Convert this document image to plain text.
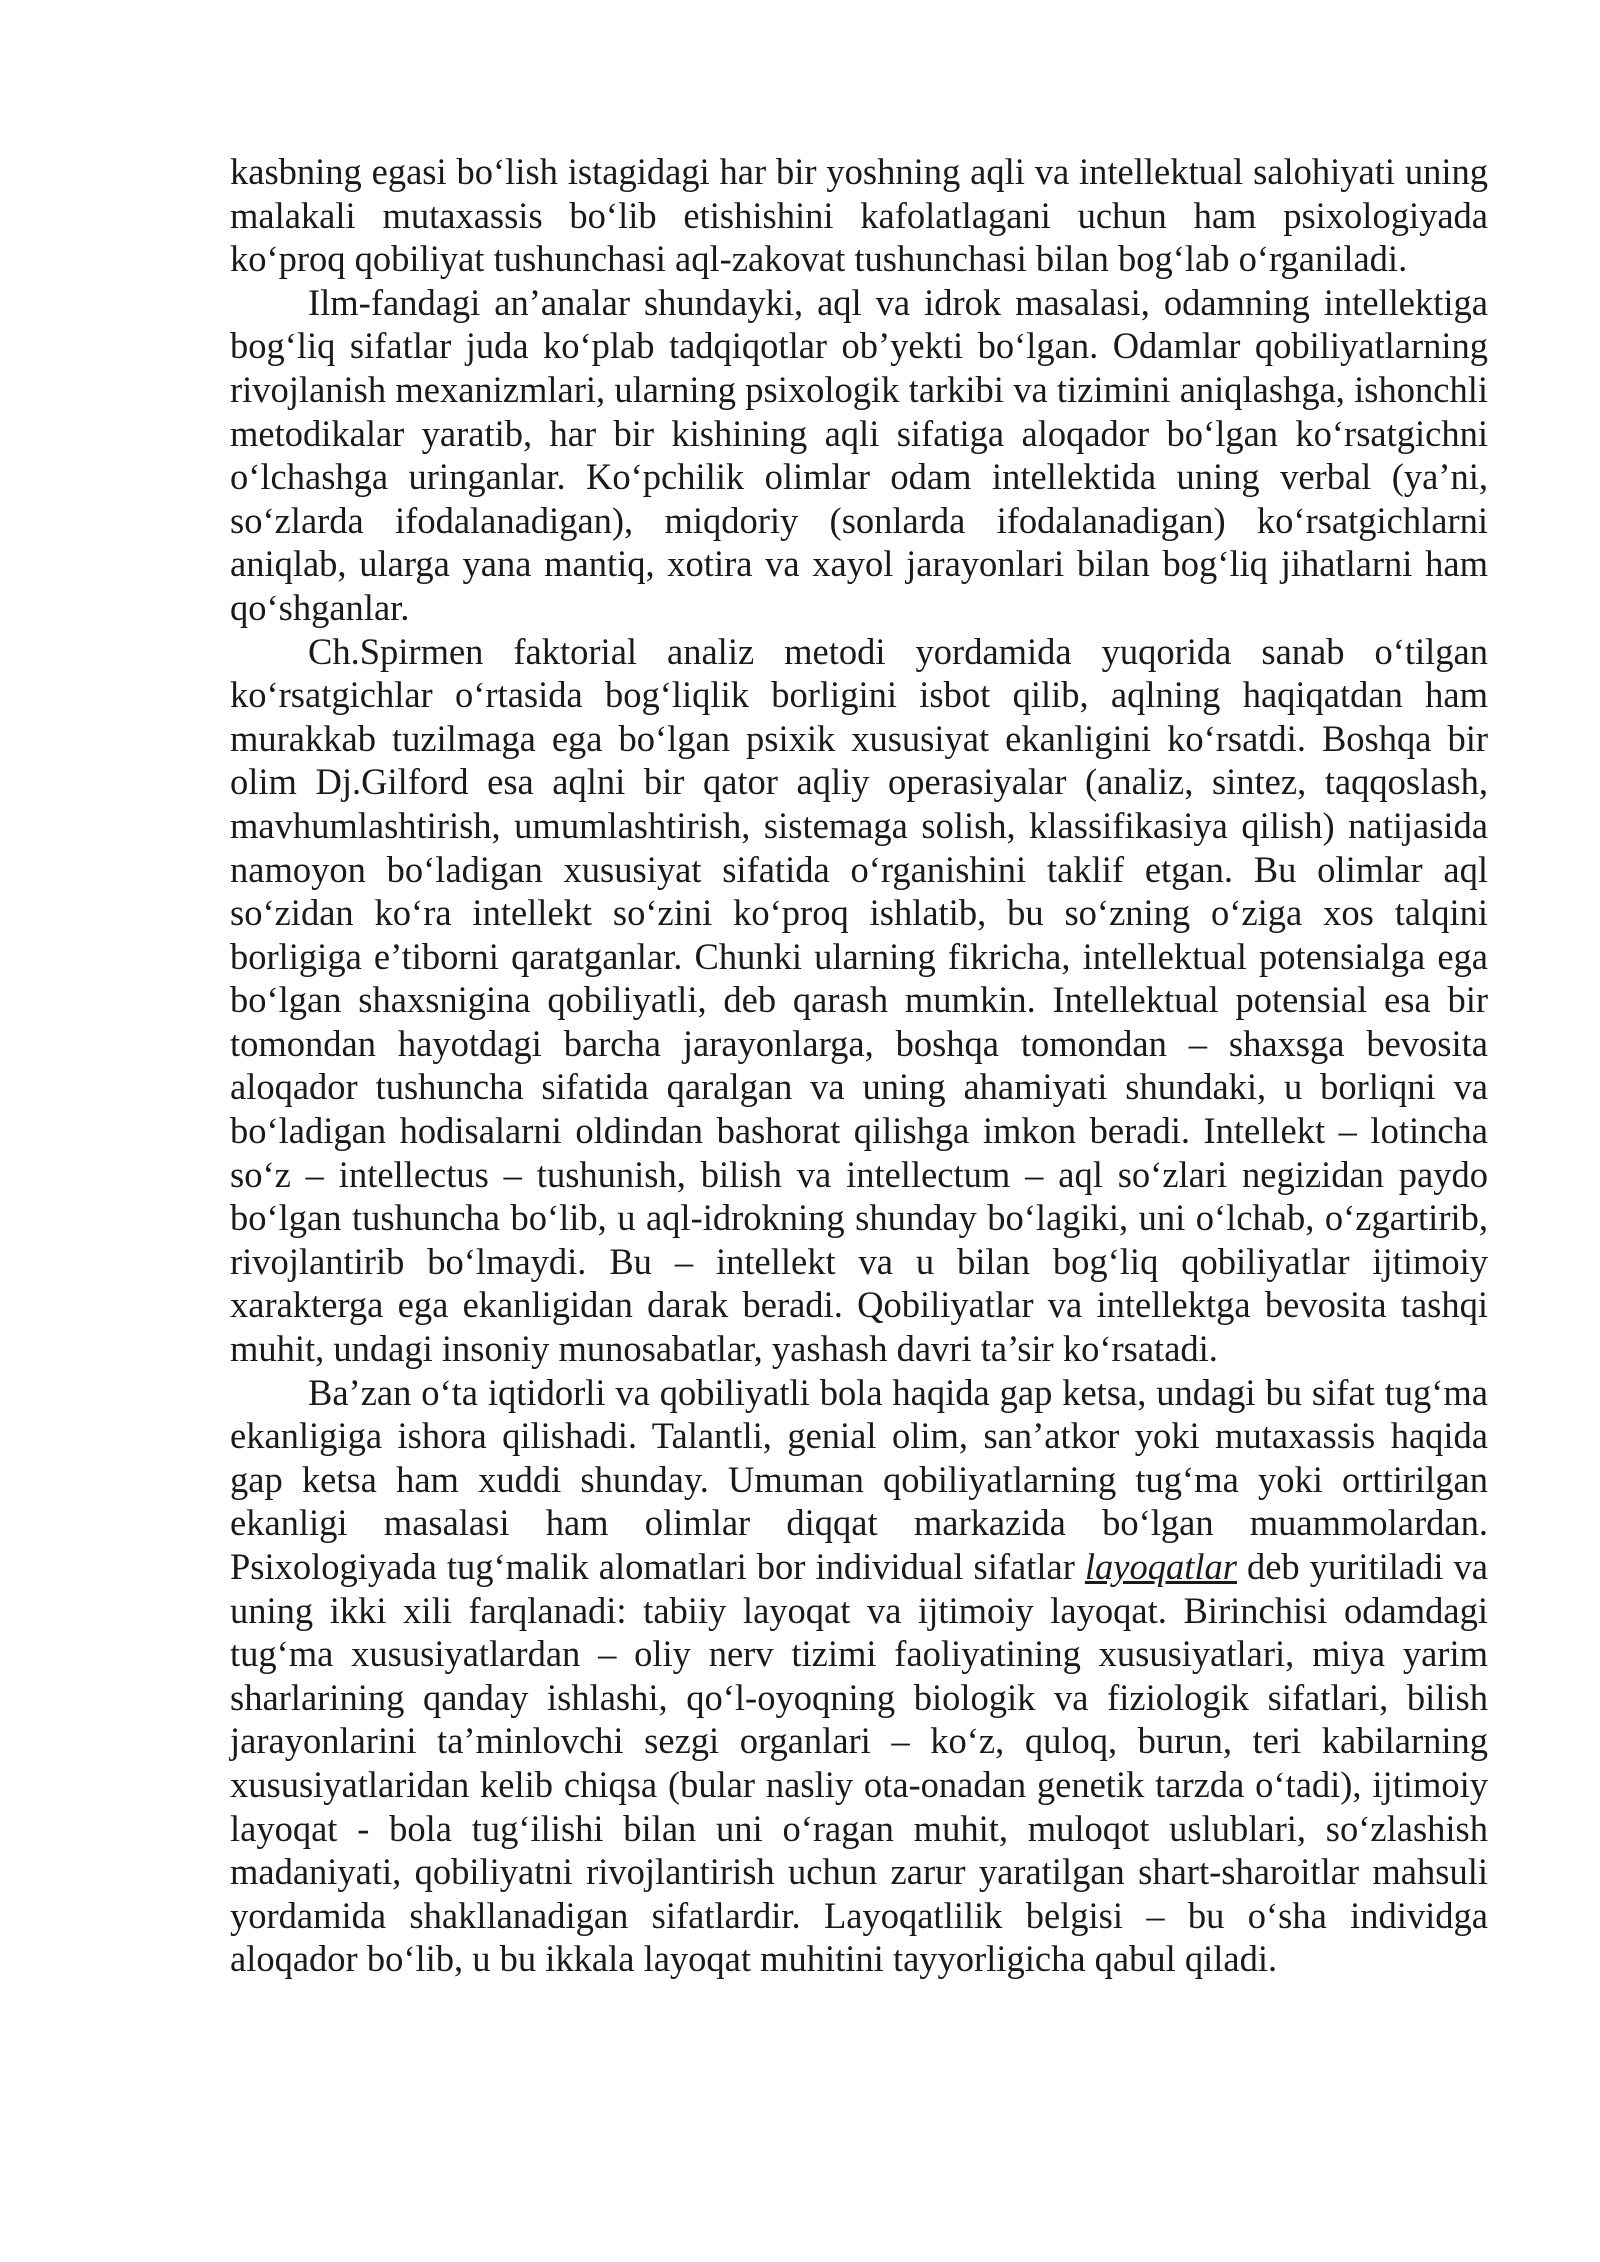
kasbning egasi bo‘lish istagidagi har bir yoshning aqli va intellektual salohiyati uning malakali mutaxassis bo‘lib etishishini kafolatlagani uchun ham psixologiyada ko‘proq qobiliyat tushunchasi aql-zakovat tushunchasi bilan bog‘lab o‘rganiladi.

Ilm-fandagi an’analar shundayki, aql va idrok masalasi, odamning intellektiga bog‘liq sifatlar juda ko‘plab tadqiqotlar ob’yekti bo‘lgan. Odamlar qobiliyatlarning rivojlanish mexanizmlari, ularning psixologik tarkibi va tizimini aniqlashga, ishonchli metodikalar yaratib, har bir kishining aqli sifatiga aloqador bo‘lgan ko‘rsatgichni o‘lchashga uringanlar. Ko‘pchilik olimlar odam intellektida uning verbal (ya’ni, so‘zlarda ifodalanadigan), miqdoriy (sonlarda ifodalanadigan) ko‘rsatgichlarni aniqlab, ularga yana mantiq, xotira va xayol jarayonlari bilan bog‘liq jihatlarni ham qo‘shganlar.

Ch.Spirmen faktorial analiz metodi yordamida yuqorida sanab o‘tilgan ko‘rsatgichlar o‘rtasida bog‘liqlik borligini isbot qilib, aqlning haqiqatdan ham murakkab tuzilmaga ega bo‘lgan psixik xususiyat ekanligini ko‘rsatdi. Boshqa bir olim Dj.Gilford esa aqlni bir qator aqliy operasiyalar (analiz, sintez, taqqoslash, mavhumlashtirish, umumlashtirish, sistemaga solish, klassifikasiya qilish) natijasida namoyon bo‘ladigan xususiyat sifatida o‘rganishini taklif etgan. Bu olimlar aql so‘zidan ko‘ra intellekt so‘zini ko‘proq ishlatib, bu so‘zning o‘ziga xos talqini borligiga e’tiborni qaratganlar. Chunki ularning fikricha, intellektual potensialga ega bo‘lgan shaxsnigina qobiliyatli, deb qarash mumkin. Intellektual potensial esa bir tomondan hayotdagi barcha jarayonlarga, boshqa tomondan – shaxsga bevosita aloqador tushuncha sifatida qaralgan va uning ahamiyati shundaki, u borliqni va bo‘ladigan hodisalarni oldindan bashorat qilishga imkon beradi. Intellekt – lotincha so‘z – intellectus – tushunish, bilish va intellectum – aql so‘zlari negizidan paydo bo‘lgan tushuncha bo‘lib, u aql-idrokning shunday bo‘lagiki, uni o‘lchab, o‘zgartirib, rivojlantirib bo‘lmaydi. Bu – intellekt va u bilan bog‘liq qobiliyatlar ijtimoiy xarakterga ega ekanligidan darak beradi. Qobiliyatlar va intellektga bevosita tashqi muhit, undagi insoniy munosabatlar, yashash davri ta’sir ko‘rsatadi.

Ba’zan o‘ta iqtidorli va qobiliyatli bola haqida gap ketsa, undagi bu sifat tug‘ma ekanligiga ishora qilishadi. Talantli, genial olim, san’atkor yoki mutaxassis haqida gap ketsa ham xuddi shunday. Umuman qobiliyatlarning tug‘ma yoki orttirilgan ekanligi masalasi ham olimlar diqqat markazida bo‘lgan muammolardan. Psixologiyada tug‘malik alomatlari bor individual sifatlar layoqatlar deb yuritiladi va uning ikki xili farqlanadi: tabiiy layoqat va ijtimoiy layoqat. Birinchisi odamdagi tug‘ma xususiyatlardan – oliy nerv tizimi faoliyatining xususiyatlari, miya yarim sharlarining qanday ishlashi, qo‘l-oyoqning biologik va fiziologik sifatlari, bilish jarayonlarini ta’minlovchi sezgi organlari – ko‘z, quloq, burun, teri kabilarning xususiyatlaridan kelib chiqsa (bular nasliy ota-onadan genetik tarzda o‘tadi), ijtimoiy layoqat - bola tug‘ilishi bilan uni o‘ragan muhit, muloqot uslublari, so‘zlashish madaniyati, qobiliyatni rivojlantirish uchun zarur yaratilgan shart-sharoitlar mahsuli yordamida shakllanadigan sifatlardir. Layoqatlilik belgisi – bu o‘sha individga aloqador bo‘lib, u bu ikkala layoqat muhitini tayyorligicha qabul qiladi.
